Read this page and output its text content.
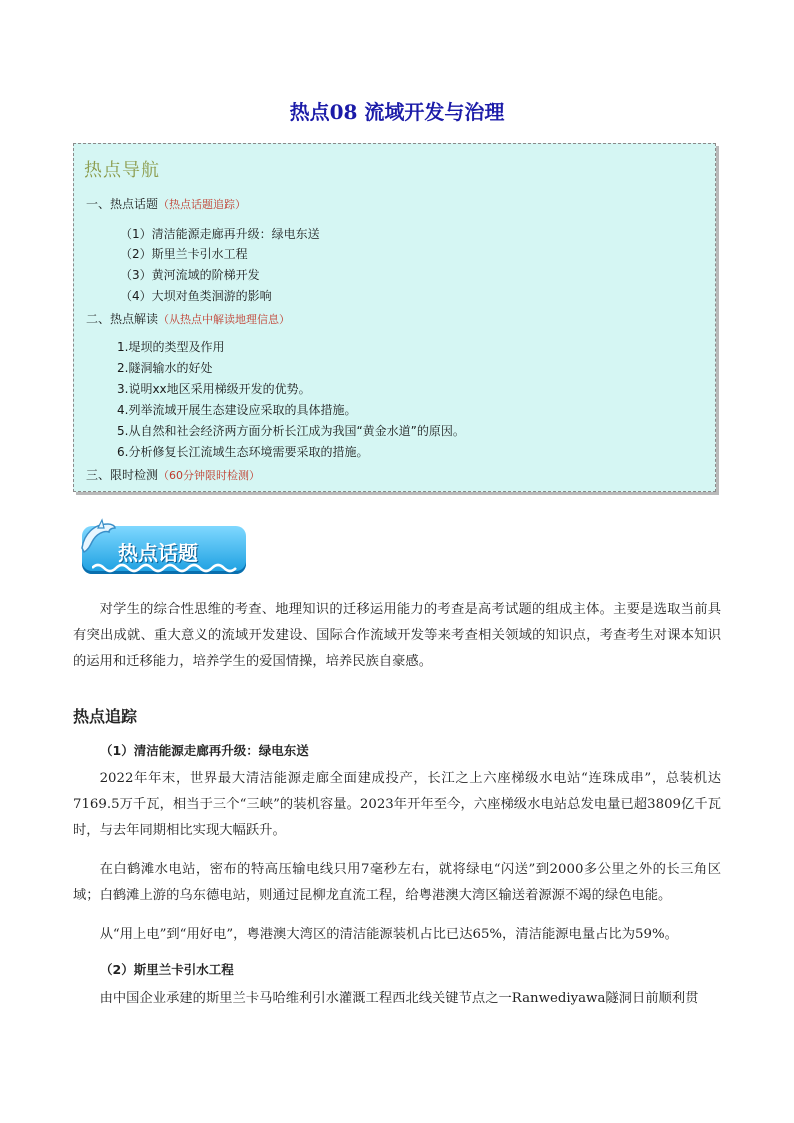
热点08 流域开发与治理
热点导航
一、热点话题（热点话题追踪）
（1）清洁能源走廊再升级：绿电东送
（2）斯里兰卡引水工程
（3）黄河流域的阶梯开发
（4）大坝对鱼类洄游的影响
二、热点解读（从热点中解读地理信息）
1.堤坝的类型及作用
2.隧洞输水的好处
3.说明xx地区采用梯级开发的优势。
4.列举流域开展生态建设应采取的具体措施。
5.从自然和社会经济两方面分析长江成为我国“黄金水道”的原因。
6.分析修复长江流域生态环境需要采取的措施。
三、限时检测（60分钟限时检测）
热点话题
对学生的综合性思维的考查、地理知识的迁移运用能力的考查是高考试题的组成主体。主要是选取当前具有突出成就、重大意义的流域开发建设、国际合作流域开发等来考查相关领域的知识点，考查考生对课本知识的运用和迁移能力，培养学生的爱国情操，培养民族自豪感。
热点追踪
（1）清洁能源走廊再升级：绿电东送
2022年年末，世界最大清洁能源走廊全面建成投产，长江之上六座梯级水电站“连珠成串”，总装机达7169.5万千瓦，相当于三个“三峡”的装机容量。2023年开年至今，六座梯级水电站总发电量已超3809亿千瓦时，与去年同期相比实现大幅跃升。
在白鹤滩水电站，密布的特高压输电线只用7毫秒左右，就将绿电“闪送”到2000多公里之外的长三角区域；白鹤滩上游的乌东德电站，则通过昆柳龙直流工程，给粤港澳大湾区输送着源源不竭的绿色电能。
从“用上电”到“用好电”，粤港澳大湾区的清洁能源装机占比已达65%，清洁能源电量占比为59%。
（2）斯里兰卡引水工程
由中国企业承建的斯里兰卡马哈维利引水灌溉工程西北线关键节点之一Ranwediyawa隧洞日前顺利贯
